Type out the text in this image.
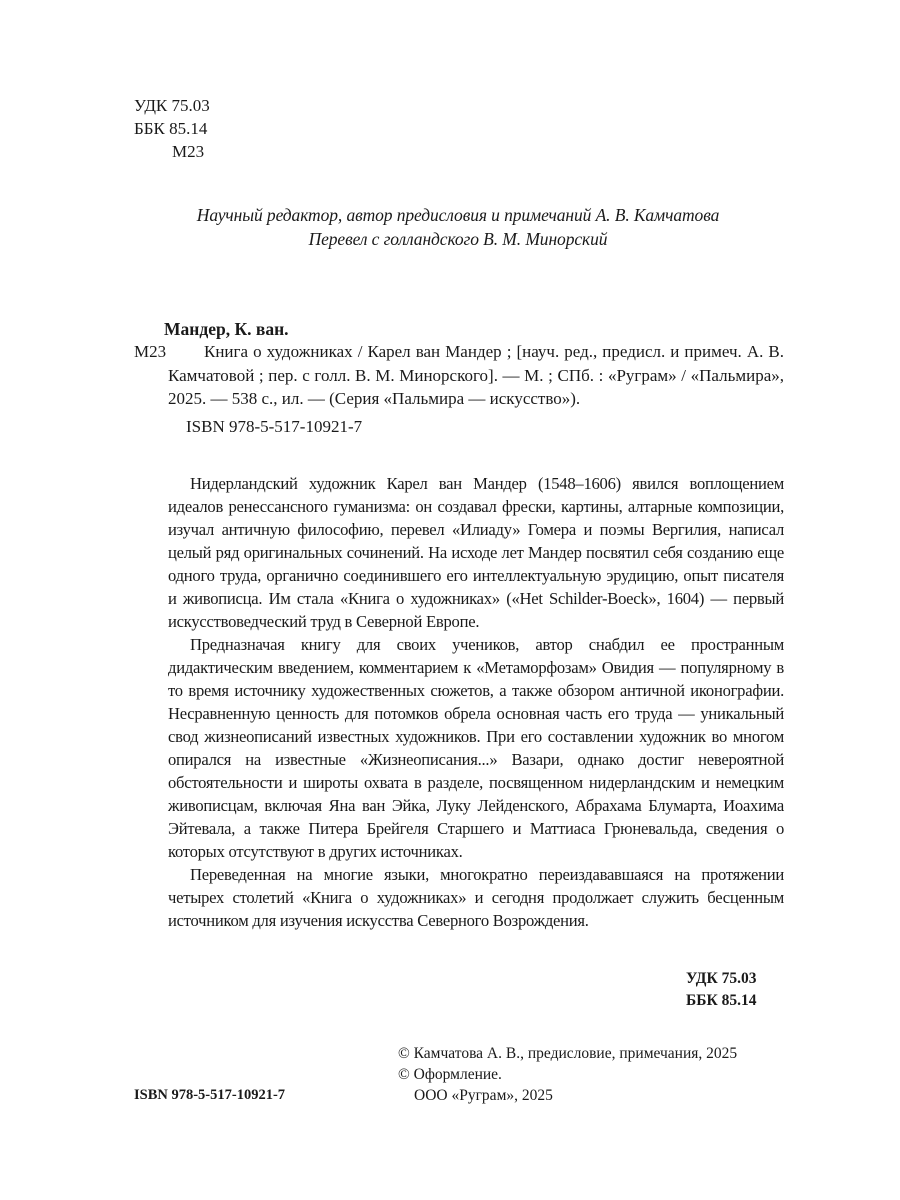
УДК 75.03
ББК 85.14
М23
Научный редактор, автор предисловия и примечаний А. В. Камчатова
Перевел с голландского В. М. Минорский
Мандер, К. ван.
М23	Книга о художниках / Карел ван Мандер ; [науч. ред., предисл. и примеч. А. В. Камчатовой ; пер. с голл. В. М. Минорского]. — М. ; СПб. : «Руграм» / «Пальмира», 2025. — 538 с., ил. — (Серия «Пальмира — искусство»).
ISBN 978-5-517-10921-7

Нидерландский художник Карел ван Мандер (1548–1606) явился воплощением идеалов ренессансного гуманизма: он создавал фрески, картины, алтарные композиции, изучал античную философию, перевел «Илиаду» Гомера и поэмы Вергилия, написал целый ряд оригинальных сочинений. На исходе лет Мандер посвятил себя созданию еще одного труда, органично соединившего его интеллектуальную эрудицию, опыт писателя и живописца. Им стала «Книга о художниках» («Het Schilder-Boeck», 1604) — первый искусствоведческий труд в Северной Европе.

Предназначая книгу для своих учеников, автор снабдил ее пространным дидактическим введением, комментарием к «Метаморфозам» Овидия — популярному в то время источнику художественных сюжетов, а также обзором античной иконографии. Несравненную ценность для потомков обрела основная часть его труда — уникальный свод жизнеописаний известных художников. При его составлении художник во многом опирался на известные «Жизнеописания...» Вазари, однако достиг невероятной обстоятельности и широты охвата в разделе, посвященном нидерландским и немецким живописцам, включая Яна ван Эйка, Луку Лейденского, Абрахама Блумарта, Иоахима Эйтевала, а также Питера Брейгеля Старшего и Маттиаса Грюневальда, сведения о которых отсутствуют в других источниках.

Переведенная на многие языки, многократно переиздававшаяся на протяжении четырех столетий «Книга о художниках» и сегодня продолжает служить бесценным источником для изучения искусства Северного Возрождения.

УДК 75.03
ББК 85.14
© Камчатова А. В., предисловие, примечания, 2025
© Оформление.
ООО «Руграм», 2025
ISBN 978-5-517-10921-7
